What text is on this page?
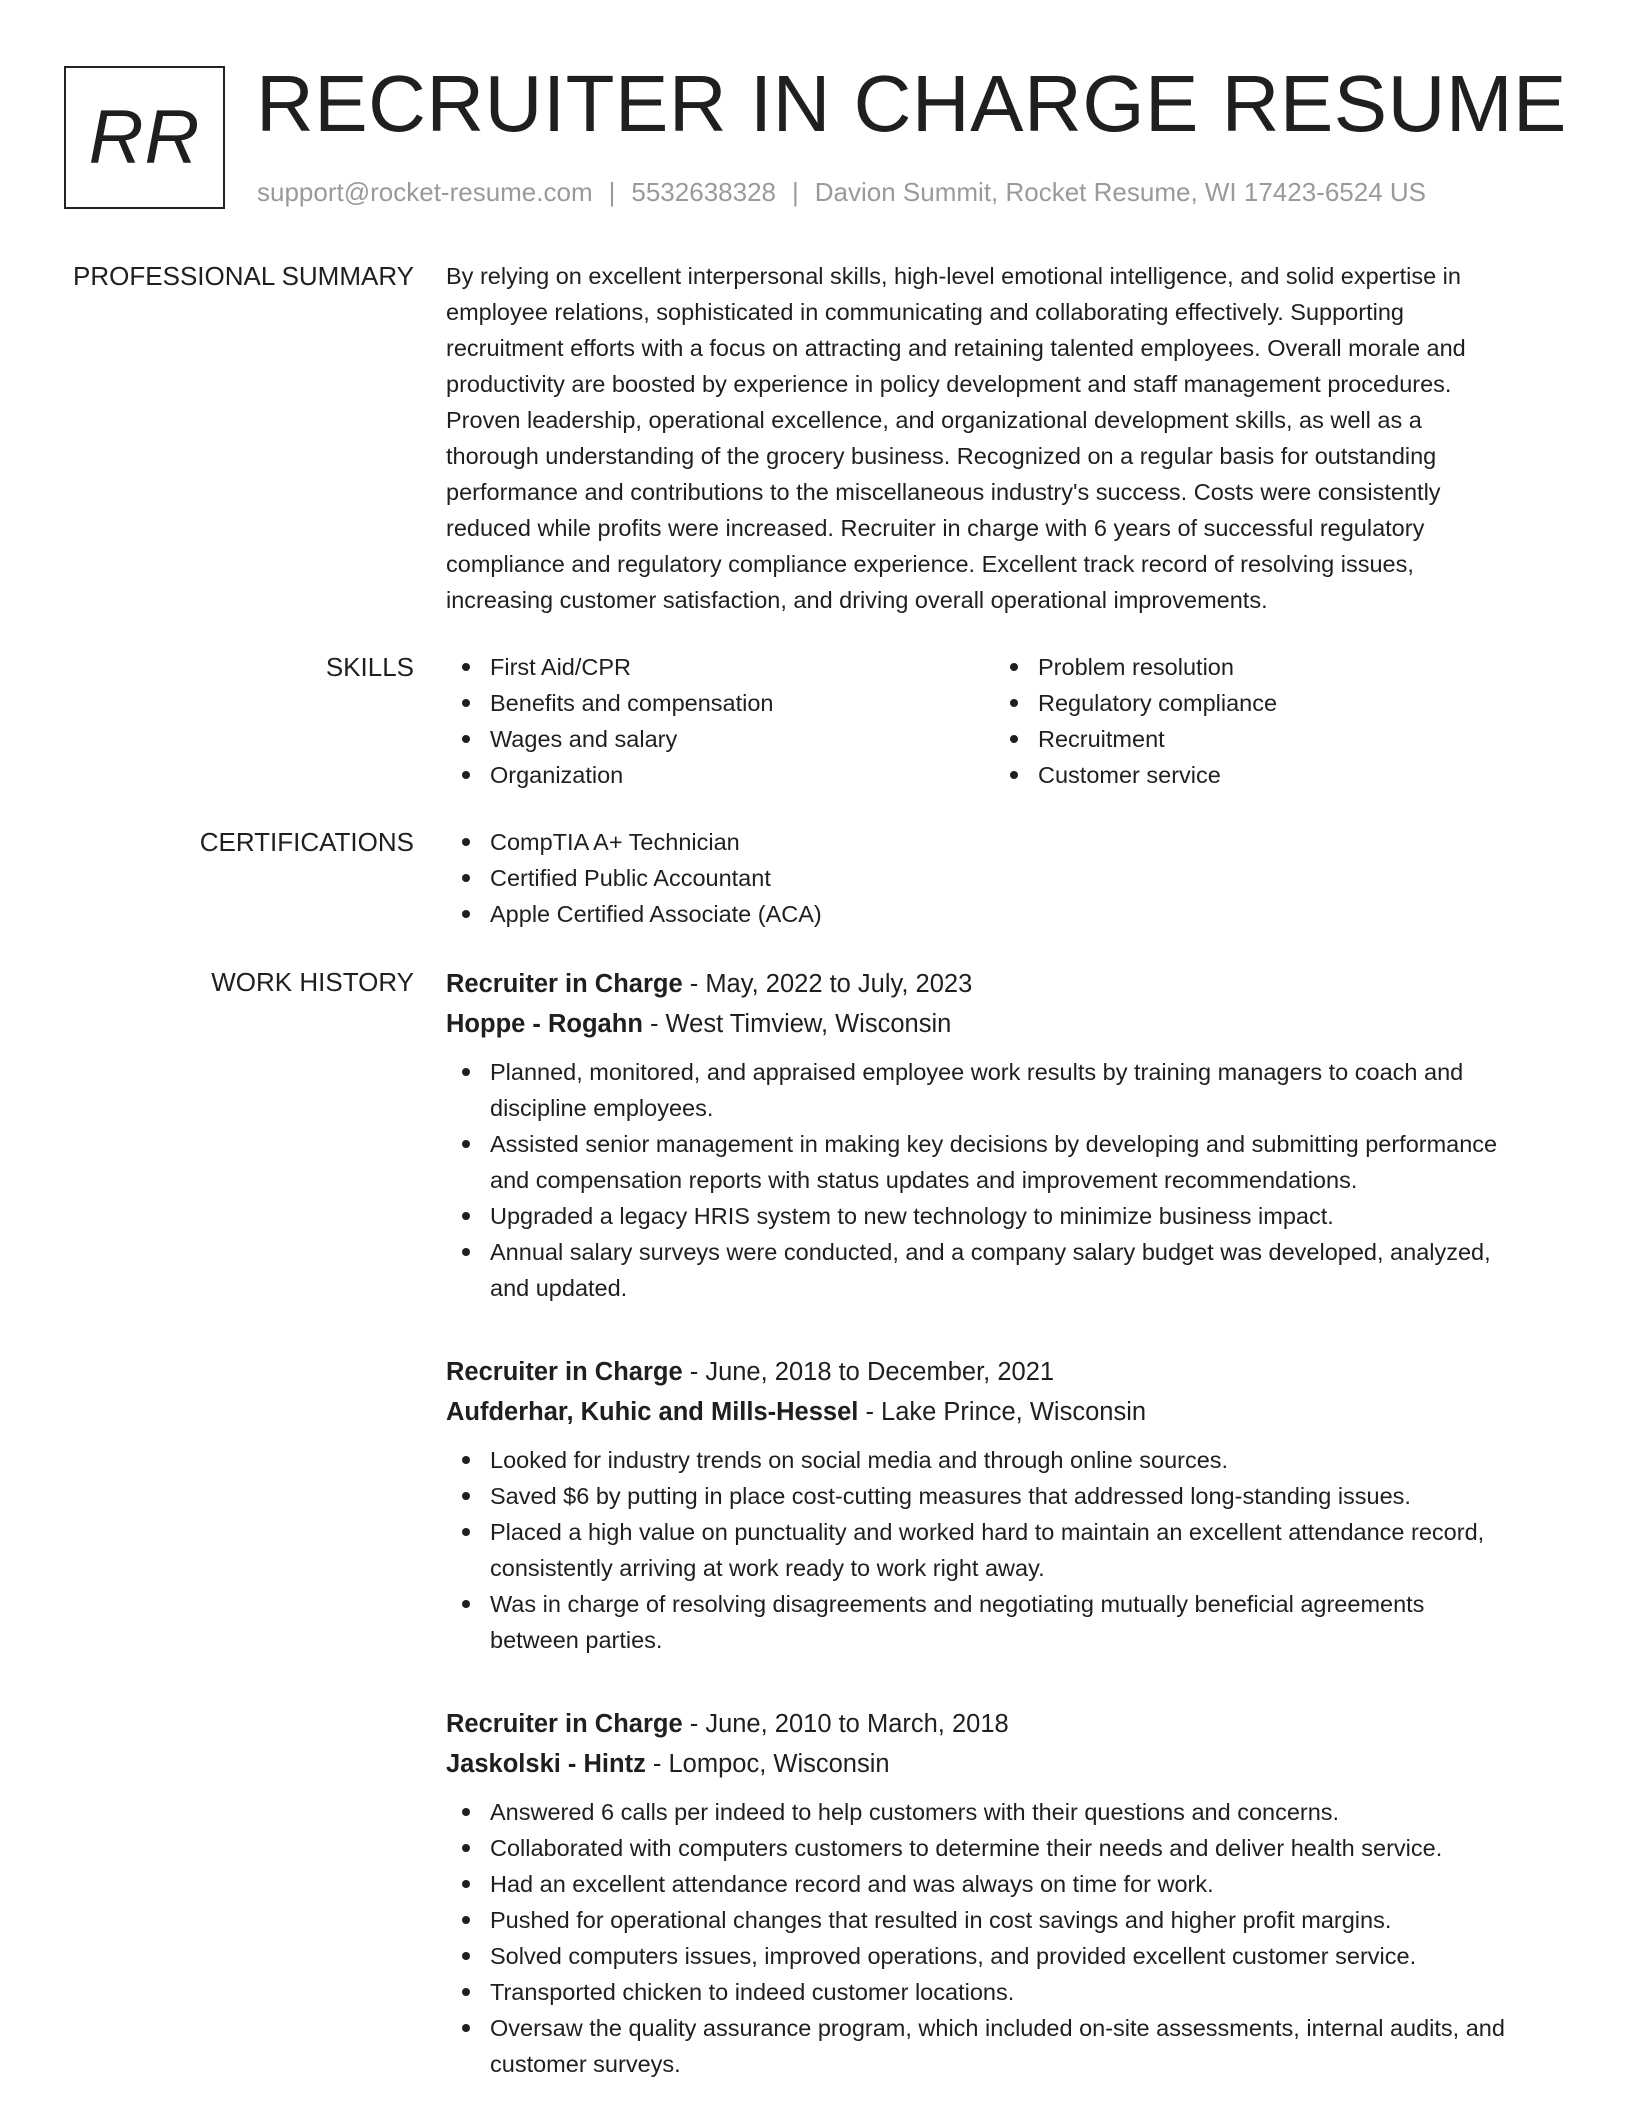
RR RECRUITER IN CHARGE RESUME
support@rocket-resume.com | 5532638328 | Davion Summit, Rocket Resume, WI 17423-6524 US
PROFESSIONAL SUMMARY By relying on excellent interpersonal skills, high-level emotional intelligence, and solid expertise in
employee relations, sophisticated in communicating and collaborating effectively. Supporting
recruitment efforts with a focus on attracting and retaining talented employees. Overall morale and
productivity are boosted by experience in policy development and staff management procedures.
Proven leadership, operational excellence, and organizational development skills, as well as a
thorough understanding of the grocery business. Recognized on a regular basis for outstanding
performance and contributions to the miscellaneous industry's success. Costs were consistently
reduced while profits were increased. Recruiter in charge with 6 years of successful regulatory
compliance and regulatory compliance experience. Excellent track record of resolving issues,
increasing customer satisfaction, and driving overall operational improvements.
SKILLS	First Aid/CPR
Benefits and compensation
Wages and salary
Organization
Problem resolution
Regulatory compliance
Recruitment
Customer service
CERTIFICATIONS	CompTIA A+ Technician
Certified Public Accountant
Apple Certified Associate (ACA)
WORK HISTORY Recruiter in Charge - May, 2022 to July, 2023
Hoppe - Rogahn - West Timview, Wisconsin
Planned, monitored, and appraised employee work results by training managers to coach and
discipline employees.
Assisted senior management in making key decisions by developing and submitting performance
and compensation reports with status updates and improvement recommendations.
Upgraded a legacy HRIS system to new technology to minimize business impact.
Annual salary surveys were conducted, and a company salary budget was developed, analyzed,
and updated.
Recruiter in Charge - June, 2018 to December, 2021
Aufderhar, Kuhic and Mills-Hessel - Lake Prince, Wisconsin
Looked for industry trends on social media and through online sources.
Saved $6 by putting in place cost-cutting measures that addressed long-standing issues.
Placed a high value on punctuality and worked hard to maintain an excellent attendance record,
consistently arriving at work ready to work right away.
Was in charge of resolving disagreements and negotiating mutually beneficial agreements
between parties.
Recruiter in Charge - June, 2010 to March, 2018
Jaskolski - Hintz - Lompoc, Wisconsin
Answered 6 calls per indeed to help customers with their questions and concerns.
Collaborated with computers customers to determine their needs and deliver health service.
Had an excellent attendance record and was always on time for work.
Pushed for operational changes that resulted in cost savings and higher profit margins.
Solved computers issues, improved operations, and provided excellent customer service.
Transported chicken to indeed customer locations.
Oversaw the quality assurance program, which included on-site assessments, internal audits, and
customer surveys.
